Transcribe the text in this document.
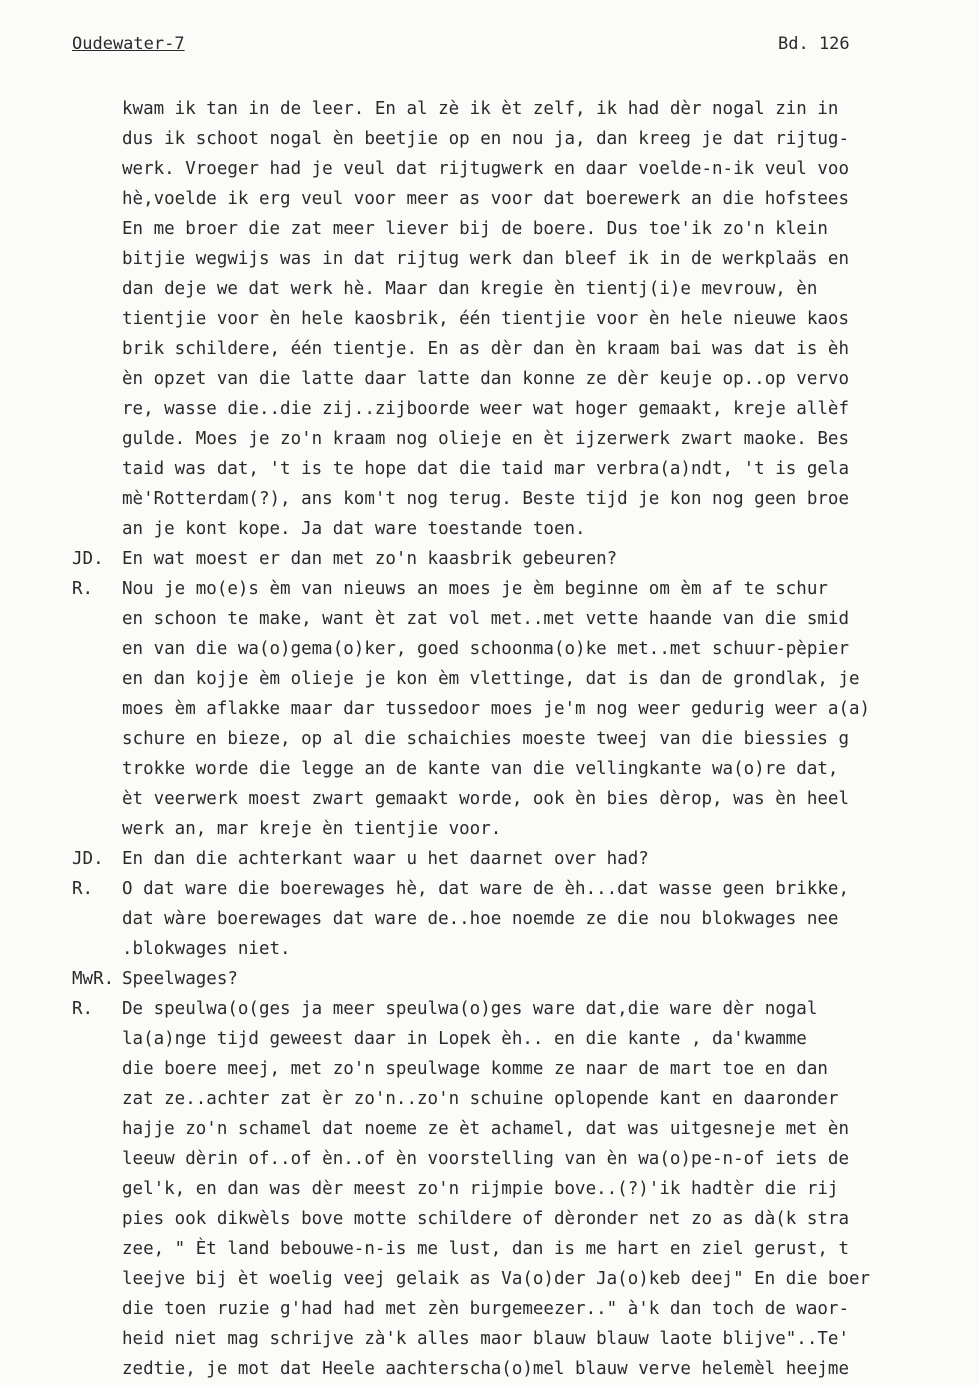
Oudewater-7	Bd. 126
kwam ik tan in de leer. En al zè ik èt zelf, ik had dèr nogal zin in
dus ik schoot nogal èn beetjie op en nou ja, dan kreeg je dat rijtug-
werk. Vroeger had je veul dat rijtugwerk en daar voelde-n-ik veul voo
hè,voelde ik erg veul voor meer as voor dat boerewerk an die hofstees
En me broer die zat meer liever bij de boere. Dus toe'ik zo'n klein
bitjie wegwijs was in dat rijtug werk dan bleef ik in de werkplaäs en
dan deje we dat werk hè. Maar dan kregie èn tientj(i)e mevrouw, èn
tientjie voor èn hele kaosbrik, één tientjie voor èn hele nieuwe kaos
brik schildere, één tientje. En as dèr dan èn kraam bai was dat is èh
èn opzet van die latte daar latte dan konne ze dèr keuje op..op vervo
re, wasse die..die zij..zijboorde weer wat hoger gemaakt, kreje allèf
gulde. Moes je zo'n kraam nog olieje en èt ijzerwerk zwart maoke. Bes
taid was dat, 't is te hope dat die taid mar verbra(a)ndt, 't is gela
mè'Rotterdam(?), ans kom't nog terug. Beste tijd je kon nog geen broe
an je kont kope. Ja dat ware toestande toen.
JD. En wat moest er dan met zo'n kaasbrik gebeuren?
R. Nou je mo(e)s èm van nieuws an moes je èm beginne om èm af te schur
en schoon te make, want èt zat vol met..met vette haande van die smid
en van die wa(o)gema(o)ker, goed schoonma(o)ke met..met schuur-pèpier
en dan kojje èm olieje je kon èm vlettinge, dat is dan de grondlak, je
moes èm aflakke maar dar tussedoor moes je'm nog weer gedurig weer a(a)
schure en bieze, op al die schaichies moeste tweej van die biessies g
trokke worde die legge an de kante van die vellingkante wa(o)re dat,
èt veerwerk moest zwart gemaakt worde, ook èn bies dèrop, was èn heel
werk an, mar kreje èn tientjie voor.
JD. En dan die achterkant waar u het daarnet over had?
R. O dat ware die boerewages hè, dat ware de èh...dat wasse geen brikke,
dat wàre boerewages dat ware de..hoe noemde ze die nou blokwages nee
.blokwages niet.
MwR. Speelwages?
R. De speulwa(o(ges ja meer speulwa(o)ges ware dat,die ware dèr nogal
la(a)nge tijd geweest daar in Lopek èh.. en die kante , da'kwamme
die boere meej, met zo'n speulwage komme ze naar de mart toe en dan
zat ze..achter zat èr zo'n..zo'n schuine oplopende kant en daaronder
hajje zo'n schamel dat noeme ze èt achamel, dat was uitgesneje met èn
leeuw dèrin of..of èn..of èn voorstelling van èn wa(o)pe-n-of iets de
gel'k, en dan was dèr meest zo'n rijmpie bove..(?)'ik hadtèr die rij
pies ook dikwèls bove motte schildere of dèronder net zo as dà(k stra
zee, " Èt land bebouwe-n-is me lust, dan is me hart en ziel gerust, t
leejve bij èt woelig veej gelaik as Va(o)der Ja(o)keb deej" En die boer
die toen ruzie g'had had met zèn burgemeezer.." à'k dan toch de waor-
heid niet mag schrijve zà'k alles maor blauw blauw laote blijve"..Te'
zedtie, je mot dat Heele aachterscha(o)mel blauw verve helemèl heejme
